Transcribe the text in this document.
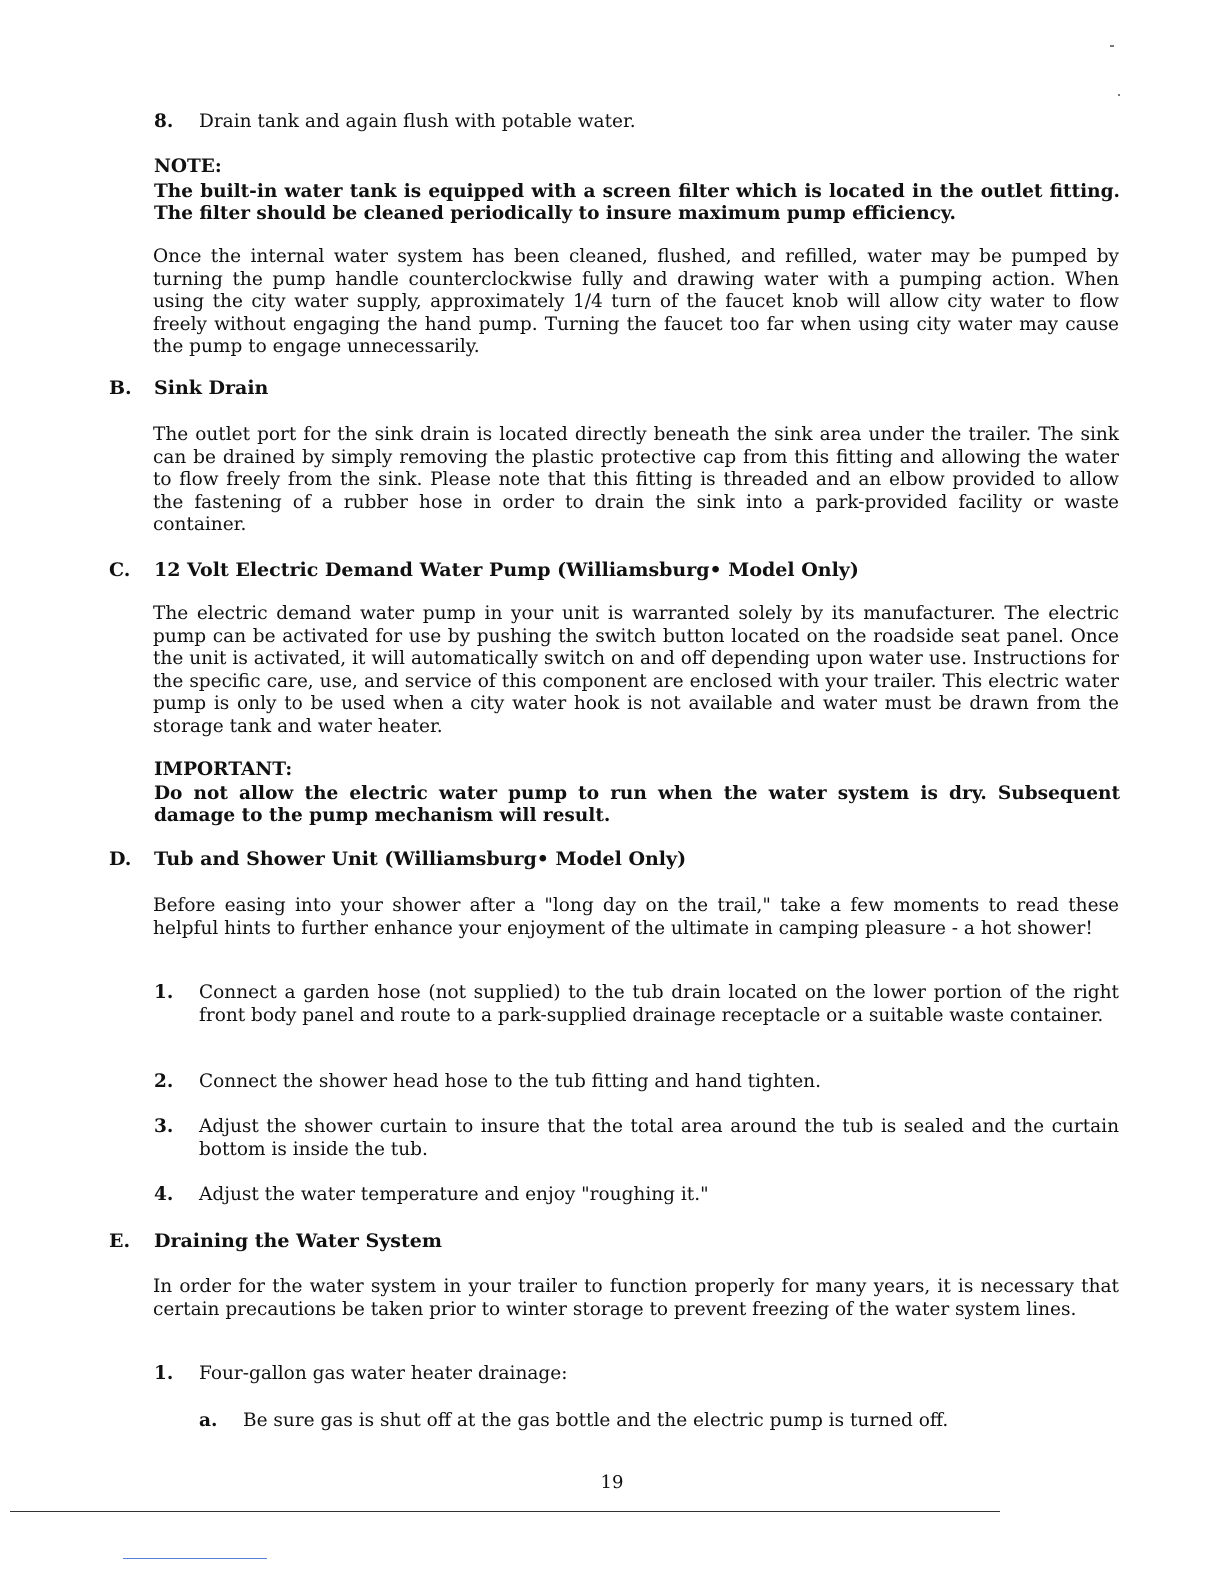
8. Drain tank and again flush with potable water.
NOTE:
The built-in water tank is equipped with a screen filter which is located in the outlet fitting. The filter should be cleaned periodically to insure maximum pump efficiency.
Once the internal water system has been cleaned, flushed, and refilled, water may be pumped by turning the pump handle counterclockwise fully and drawing water with a pumping action. When using the city water supply, approximately 1/4 turn of the faucet knob will allow city water to flow freely without engaging the hand pump. Turning the faucet too far when using city water may cause the pump to engage unnecessarily.
B. Sink Drain
The outlet port for the sink drain is located directly beneath the sink area under the trailer. The sink can be drained by simply removing the plastic protective cap from this fitting and allowing the water to flow freely from the sink. Please note that this fitting is threaded and an elbow provided to allow the fastening of a rubber hose in order to drain the sink into a park-provided facility or waste container.
C. 12 Volt Electric Demand Water Pump (Williamsburg• Model Only)
The electric demand water pump in your unit is warranted solely by its manufacturer. The electric pump can be activated for use by pushing the switch button located on the roadside seat panel. Once the unit is activated, it will automatically switch on and off depending upon water use. Instructions for the specific care, use, and service of this component are enclosed with your trailer. This electric water pump is only to be used when a city water hook is not available and water must be drawn from the storage tank and water heater.
IMPORTANT:
Do not allow the electric water pump to run when the water system is dry. Subsequent damage to the pump mechanism will result.
D. Tub and Shower Unit (Williamsburg• Model Only)
Before easing into your shower after a "long day on the trail," take a few moments to read these helpful hints to further enhance your enjoyment of the ultimate in camping pleasure - a hot shower!
1. Connect a garden hose (not supplied) to the tub drain located on the lower portion of the right front body panel and route to a park-supplied drainage receptacle or a suitable waste container.
2. Connect the shower head hose to the tub fitting and hand tighten.
3. Adjust the shower curtain to insure that the total area around the tub is sealed and the curtain bottom is inside the tub.
4. Adjust the water temperature and enjoy "roughing it."
E. Draining the Water System
In order for the water system in your trailer to function properly for many years, it is necessary that certain precautions be taken prior to winter storage to prevent freezing of the water system lines.
1. Four-gallon gas water heater drainage:
a. Be sure gas is shut off at the gas bottle and the electric pump is turned off.
19
